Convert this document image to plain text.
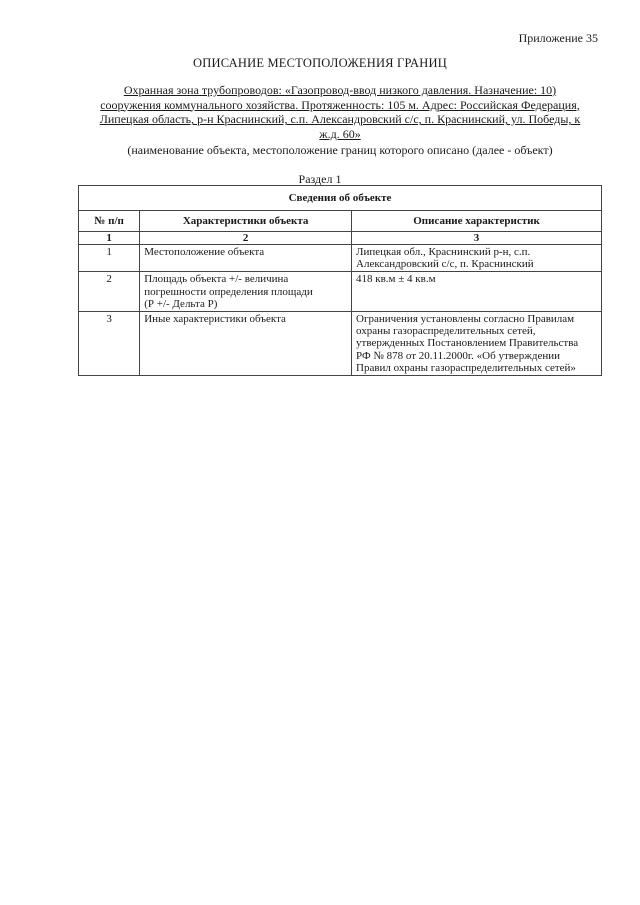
Приложение 35
ОПИСАНИЕ МЕСТОПОЛОЖЕНИЯ ГРАНИЦ
Охранная зона трубопроводов: «Газопровод-ввод низкого давления. Назначение: 10)
сооружения коммунального хозяйства. Протяженность: 105 м. Адрес: Российская Федерация,
Липецкая область, р-н Краснинский, с.п. Александровский с/с, п. Краснинский, ул. Победы, к
ж.д. 60»
(наименование объекта, местоположение границ которого описано (далее - объект)
Раздел 1
Сведения об объекте		
№ п/п	Характеристики объекта	Описание характеристик
1	2	3
1	Местоположение объекта	Липецкая обл., Краснинский р-н, с.п.
Александровский с/с, п. Краснинский

2	Площадь объекта +/- величина
погрешности определения площади
(Р +/- Дельта Р)	418 кв.м ± 4 кв.м

3	Иные характеристики объекта	Ограничения установлены согласно Правилам
охраны газораспределительных сетей,
утвержденных Постановлением Правительства
РФ № 878 от 20.11.2000г. «Об утверждении
Правил охраны газораспределительных сетей»
